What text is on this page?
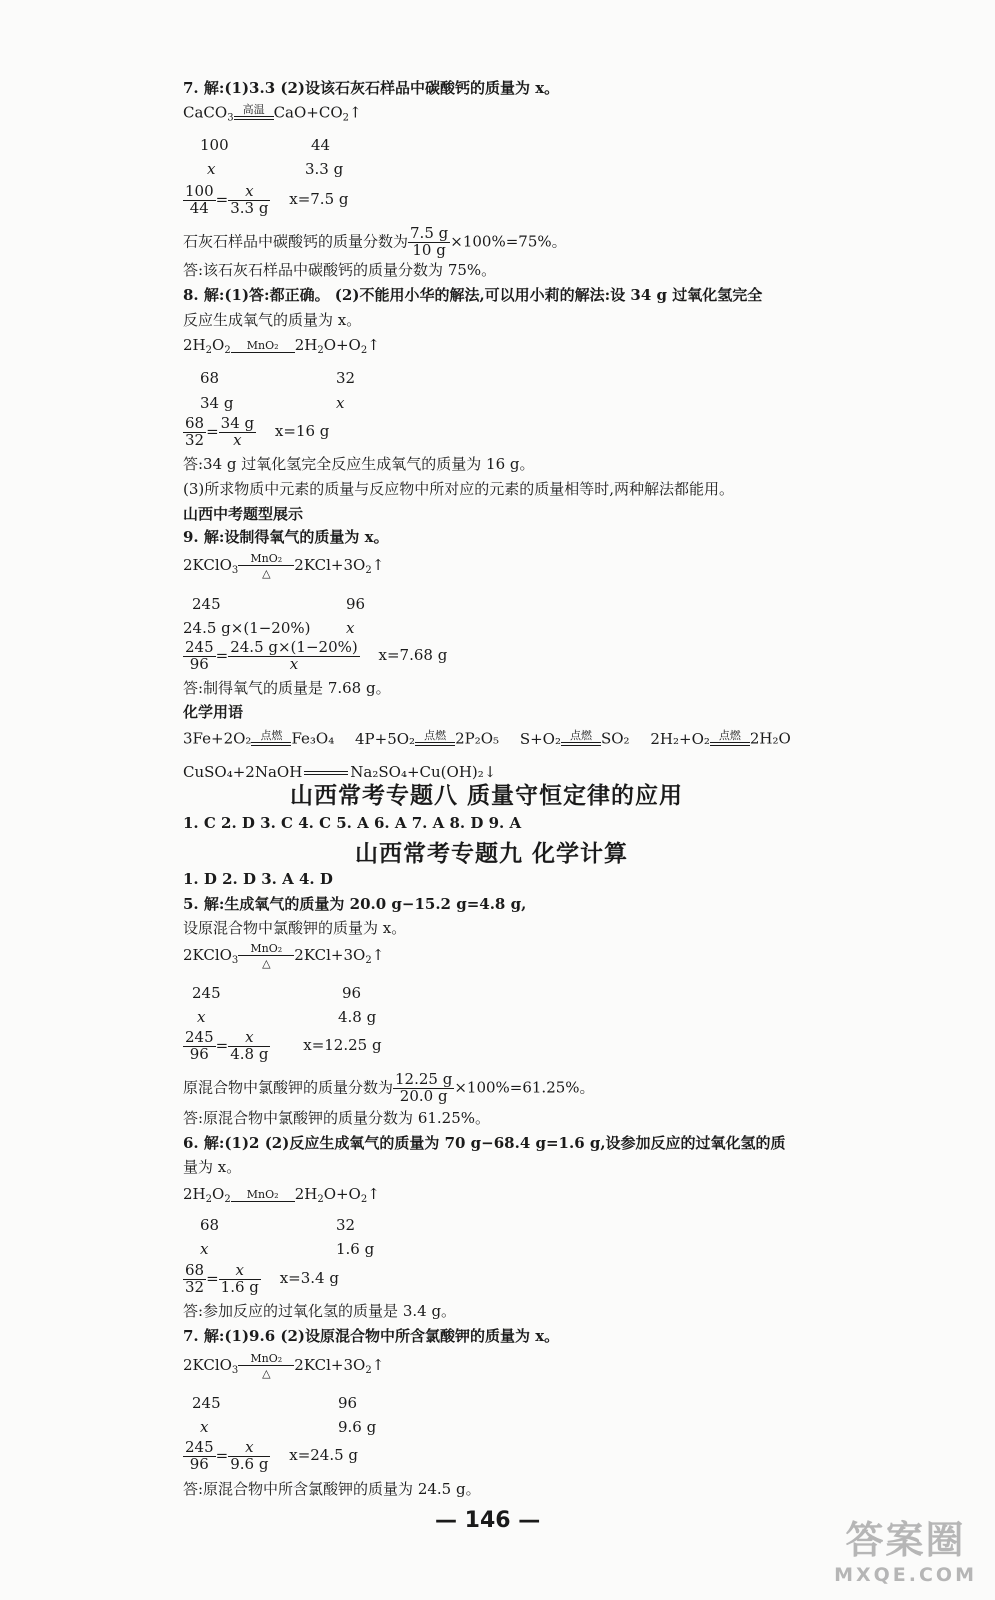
7. 解:(1)3.3 (2)设该石灰石样品中碳酸钙的质量为 x。
CaCO$_3$
高温 $CaO+CO_2↑$
100	44
x	3.3 g
$\frac{100}{44} = \frac{x}{3.3 g} x=7.5$ g
石灰石样品中碳酸钙的质量分数为 $\frac{7.5 g}{10 g} \times 100\%=75\%$。
答:该石灰石样品中碳酸钙的质量分数为 75%。
8. 解:(1)答:都正确。 (2)不能用小华的解法,可以用小莉的解法:设 34 g 过氧化氢完全
反应生成氧气的质量为 x。
$2H_2O_2$	MnO₂	$2H_2O+O_2↑$
68	32
34 g	x
$\frac{68}{32} = \frac{34 g}{x} x=16$ g
答:34 g 过氧化氢完全反应生成氧气的质量为 16 g。
(3)所求物质中元素的质量与反应物中所对应的元素的质量相等时,两种解法都能用。
山西中考题型展示
9. 解:设制得氧气的质量为 x。
2KClO$_3$
MnO₂
△	$2KCl+3O_2↑$
245	96
24.5 g×(1−20%) x
$\frac{245}{96} = \frac{24.5 g\times(1-20\%)}{x} x=7.68$ g
答:制得氧气的质量是 7.68 g。
化学用语
3Fe+2O₂ 点燃 Fe₃O₄ 4P+5O₂ 点燃 2P₂O₅ S+O₂ 点燃 SO₂ 2H₂+O₂ 点燃 2H₂O
CuSO₄+2NaOH	Na₂SO₄+Cu(OH)₂↓
山西常考专题八 质量守恒定律的应用
1. C 2. D 3. C 4. C 5. A 6. A 7. A 8. D 9. A
山西常考专题九 化学计算
1. D 2. D 3. A 4. D
5. 解:生成氧气的质量为 20.0 g−15.2 g=4.8 g,
设原混合物中氯酸钾的质量为 x。
2KClO$_3$
MnO₂
△	$2KCl+3O_2↑$
245	96
x	4.8 g
$\frac{245}{96} = \frac{x}{4.8 g} x=12.25$ g
原混合物中氯酸钾的质量分数为 $\frac{12.25 g}{20.0 g} \times 100\%=61.25\%$。
答:原混合物中氯酸钾的质量分数为 61.25%。
6. 解:(1)2 (2)反应生成氧气的质量为 70 g−68.4 g=1.6 g,设参加反应的过氧化氢的质
量为 x。
$2H_2O_2$	MnO₂	$2H_2O+O_2↑$
68	32
x	1.6 g
$\frac{68}{32} = \frac{x}{1.6 g} x=3.4$ g
答:参加反应的过氧化氢的质量是 3.4 g。
7. 解:(1)9.6 (2)设原混合物中所含氯酸钾的质量为 x。
2KClO$_3$
MnO₂
△	$2KCl+3O_2↑$
245	96
x	9.6 g
$\frac{245}{96} = \frac{x}{9.6 g} x=24.5$ g
答:原混合物中所含氯酸钾的质量为 24.5 g。
— 146 —	答案圈
MXQE.COM
